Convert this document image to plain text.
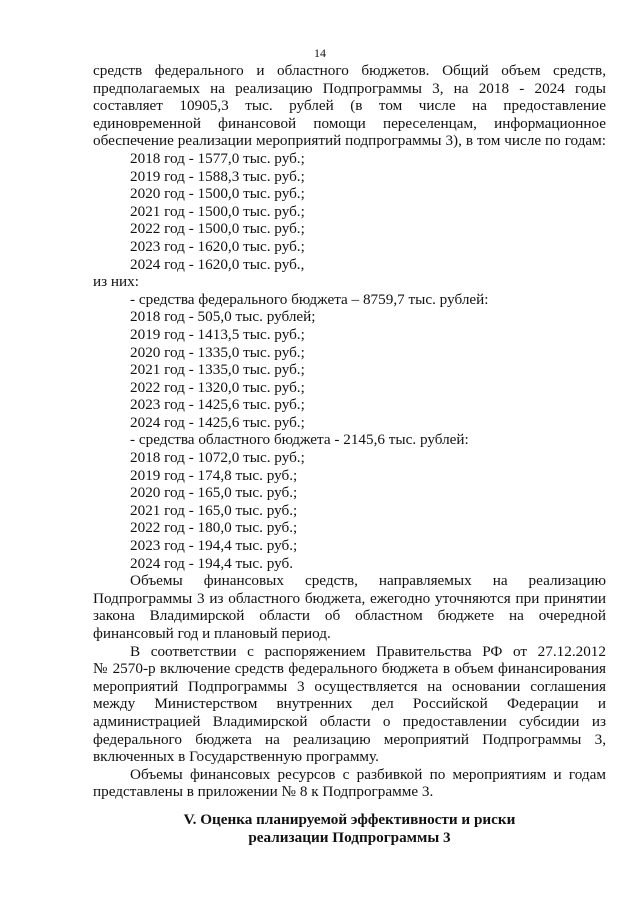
14
средств федерального и областного бюджетов. Общий объем средств,
предполагаемых на реализацию Подпрограммы 3, на 2018 - 2024 годы
составляет 10905,3 тыс. рублей (в том числе на предоставление
единовременной финансовой помощи переселенцам, информационное
обеспечение реализации мероприятий подпрограммы 3), в том числе по годам:
2018 год - 1577,0 тыс. руб.;
2019 год - 1588,3 тыс. руб.;
2020 год - 1500,0 тыс. руб.;
2021 год - 1500,0 тыс. руб.;
2022 год - 1500,0 тыс. руб.;
2023 год - 1620,0 тыс. руб.;
2024 год - 1620,0 тыс. руб.,
из них:
- средства федерального бюджета – 8759,7 тыс. рублей:
2018 год - 505,0 тыс. рублей;
2019 год - 1413,5 тыс. руб.;
2020 год - 1335,0 тыс. руб.;
2021 год - 1335,0 тыс. руб.;
2022 год - 1320,0 тыс. руб.;
2023 год - 1425,6 тыс. руб.;
2024 год - 1425,6 тыс. руб.;
- средства областного бюджета - 2145,6 тыс. рублей:
2018 год - 1072,0 тыс. руб.;
2019 год - 174,8 тыс. руб.;
2020 год - 165,0 тыс. руб.;
2021 год - 165,0 тыс. руб.;
2022 год - 180,0 тыс. руб.;
2023 год - 194,4 тыс. руб.;
2024 год - 194,4 тыс. руб.
Объемы финансовых средств, направляемых на реализацию
Подпрограммы 3 из областного бюджета, ежегодно уточняются при принятии
закона Владимирской области об областном бюджете на очередной
финансовый год и плановый период.
В соответствии с распоряжением Правительства РФ от 27.12.2012
№ 2570-р включение средств федерального бюджета в объем финансирования
мероприятий Подпрограммы 3 осуществляется на основании соглашения
между Министерством внутренних дел Российской Федерации и
администрацией Владимирской области о предоставлении субсидии из
федерального бюджета на реализацию мероприятий Подпрограммы 3,
включенных в Государственную программу.
Объемы финансовых ресурсов с разбивкой по мероприятиям и годам
представлены в приложении № 8 к Подпрограмме 3.
V. Оценка планируемой эффективности и риски
реализации Подпрограммы 3
